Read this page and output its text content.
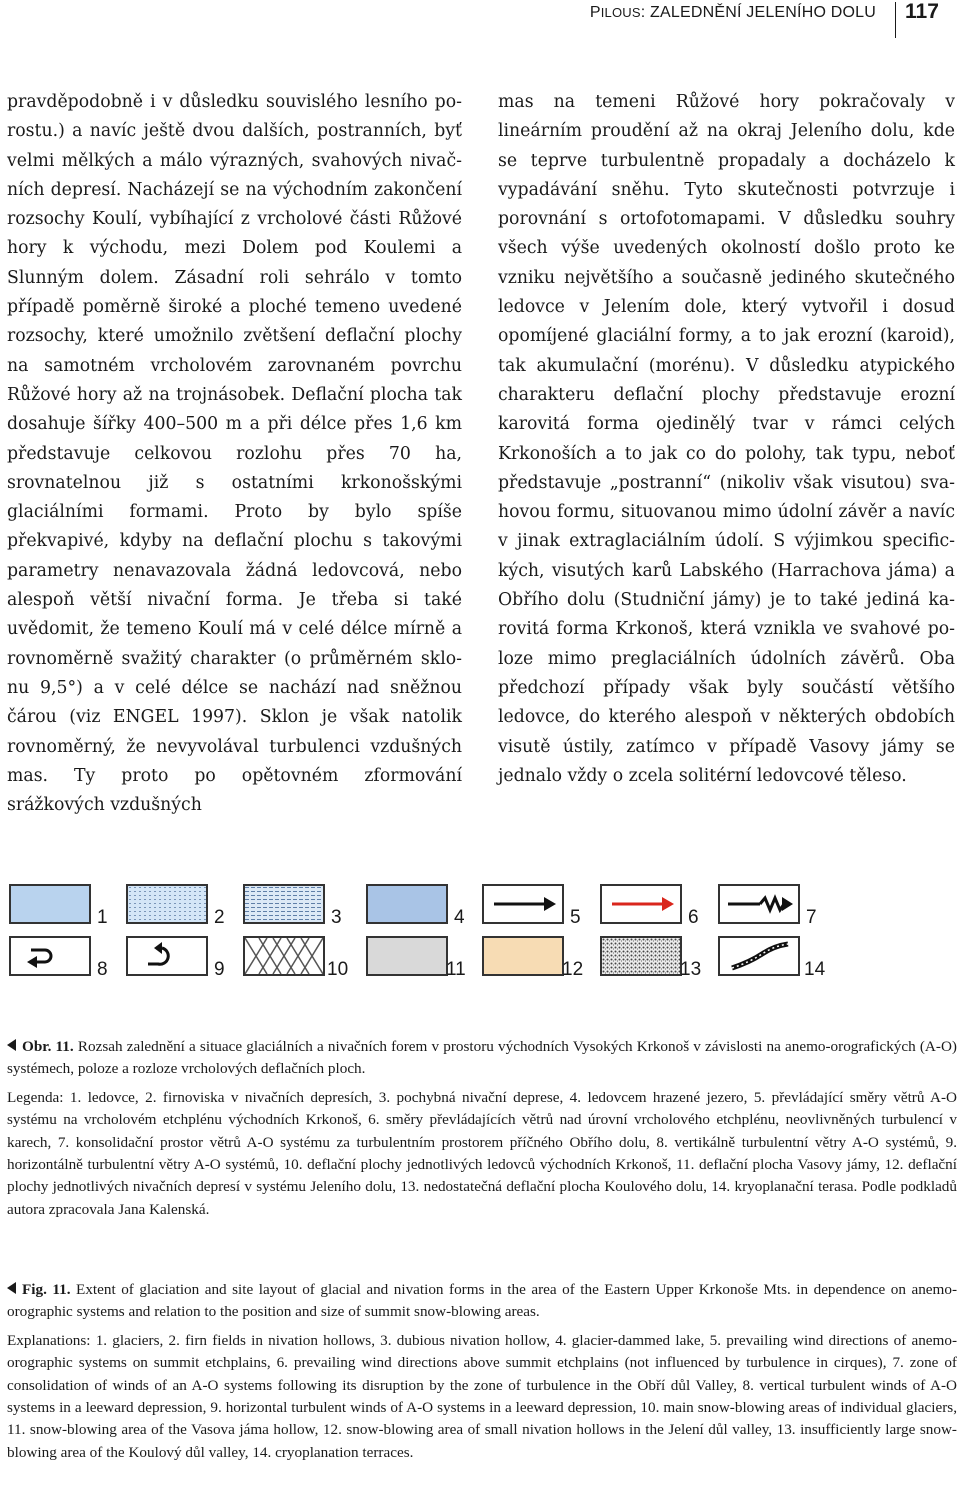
PILOUS: ZALEDNĚNÍ JELENÍHO DOLU 117

pravděpodobně i v důsledku souvislého lesního porostu.) a navíc ještě dvou dalších, postranních, byť velmi mělkých a málo výrazných, svahových nivačních depresí. Nacházejí se na východním zakončení rozsochy Koulí, vybíhající z vrcholové části Růžové hory k východu, mezi Dolem pod Koulemi a Slunným dolem. Zásadní roli sehrálo v tomto případě poměrně široké a ploché temeno uvedené rozsochy, které umožnilo zvětšení deflační plochy na samotném vrcholovém zarovnaném povrchu Růžové hory až na trojnásobek. Deflační plocha tak dosahuje šířky 400–500 m a při délce přes 1,6 km představuje celkovou rozlohu přes 70 ha, srovnatelnou již s ostatními krkonošskými glaciálními formami. Proto by bylo spíše překvapivé, kdyby na deflační plochu s takovými parametry nenavazovala žádná ledovcová, nebo alespoň větší nivační forma. Je třeba si také uvědomit, že temeno Koulí má v celé délce mírně a rovnoměrně svažitý charakter (o průměrném sklonu 9,5°) a v celé délce se nachází nad sněžnou čárou (viz ENGEL 1997). Sklon je však natolik rovnoměrný, že nevyvolával turbulenci vzdušných mas. Ty proto po opětovném zformování srážkových vzdušných

mas na temeni Růžové hory pokračovaly v lineárním proudění až na okraj Jeleního dolu, kde se teprve turbulentně propadaly a docházelo k vypadávání sněhu. Tyto skutečnosti potvrzuje i porovnání s ortofotomapami. V důsledku souhry všech výše uvedených okolností došlo proto ke vzniku největšího a současně jediného skutečného ledovce v Jelením dole, který vytvořil i dosud opomíjené glaciální formy, a to jak erozní (karoid), tak akumulační (morénu). V důsledku atypického charakteru deflační plochy představuje erozní karovitá forma ojedinělý tvar v rámci celých Krkonoších a to jak co do polohy, tak typu, neboť představuje „postranní“ (nikoliv však visutou) svahovou formu, situovanou mimo údolní závěr a navíc v jinak extraglaciálním údolí. S výjimkou specifických, visutých karů Labského (Harrachova jáma) a Obřího dolu (Studniční jámy) je to také jediná karovitá forma Krkonoš, která vznikla ve svahové poloze mimo preglaciálních údolních závěrů. Oba předchozí případy však byly součástí většího ledovce, do kterého alespoň v některých obdobích visutě ústily, zatímco v případě Vasovy jámy se jednalo vždy o zcela solitérní ledovcové těleso.

1	2	3	4	5	6	7
8	9	10	11	12	13	14

Obr. 11. Rozsah zalednění a situace glaciálních a nivačních forem v prostoru východních Vysokých Krkonoš v závislosti na anemo-orografických (A-O) systémech, poloze a rozloze vrcholových deflačních ploch.

Legenda: 1. ledovce, 2. firnoviska v nivačních depresích, 3. pochybná nivační deprese, 4. ledovcem hrazené jezero, 5. převládající směry větrů A-O systému na vrcholovém etchplénu východních Krkonoš, 6. směry převládajících větrů nad úrovní vrcholového etchplénu, neovlivněných turbulencí v karech, 7. konsolidační prostor větrů A-O systému za turbulentním prostorem příčného Obřího dolu, 8. vertikálně turbulentní větry A-O systémů, 9. horizontálně turbulentní větry A-O systémů, 10. deflační plochy jednotlivých ledovců východních Krkonoš, 11. deflační plocha Vasovy jámy, 12. deflační plochy jednotlivých nivačních depresí v systému Jeleního dolu, 13. nedostatečná deflační plocha Koulového dolu, 14. kryoplanační terasa. Podle podkladů autora zpracovala Jana Kalenská.

Fig. 11. Extent of glaciation and site layout of glacial and nivation forms in the area of the Eastern Upper Krkonoše Mts. in dependence on anemo-orographic systems and relation to the position and size of summit snow-blowing areas.

Explanations: 1. glaciers, 2. firn fields in nivation hollows, 3. dubious nivation hollow, 4. glacier-dammed lake, 5. prevailing wind directions of anemo-orographic systems on summit etchplains, 6. prevailing wind directions above summit etchplains (not influenced by turbulence in cirques), 7. zone of consolidation of winds of an A-O systems following its disruption by the zone of turbulence in the Obří důl Valley, 8. vertical turbulent winds of A-O systems in a leeward depression, 9. horizontal turbulent winds of A-O systems in a leeward depression, 10. main snow-blowing areas of individual glaciers, 11. snow-blowing area of the Vasova jáma hollow, 12. snow-blowing area of small nivation hollows in the Jelení důl valley, 13. insufficiently large snow-blowing area of the Koulový důl valley, 14. cryoplanation terraces.
